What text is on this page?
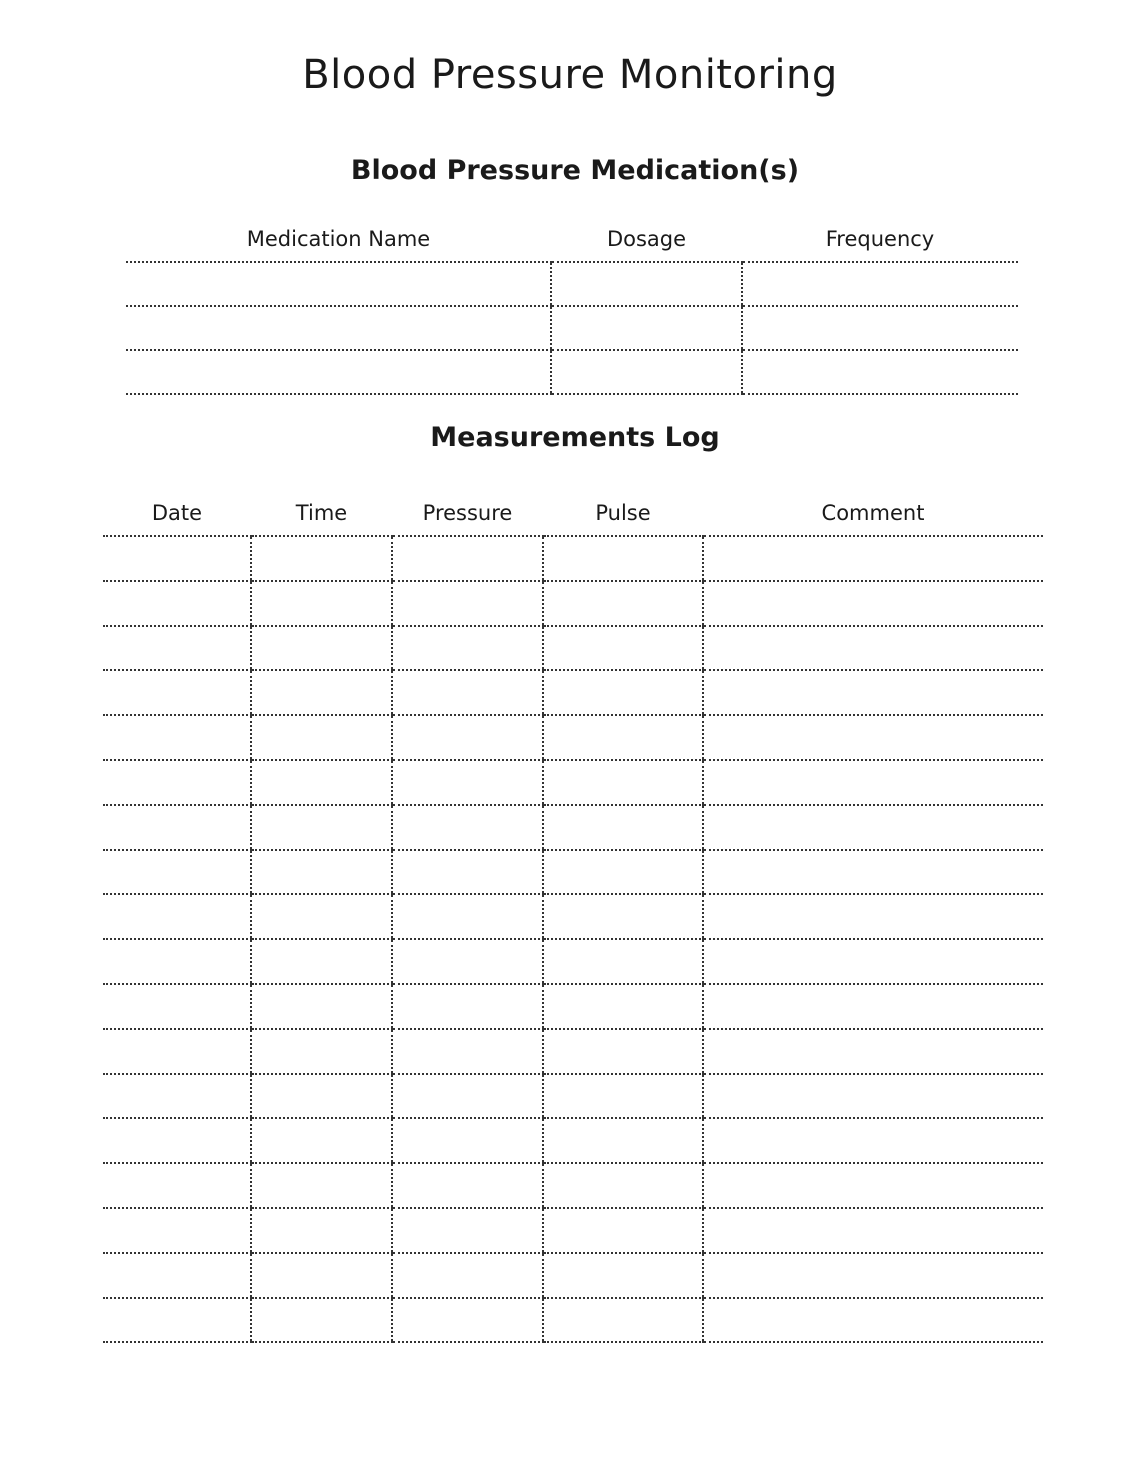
Blood Pressure Monitoring
Blood Pressure Medication(s)
Medication Name	Dosage	Frequency

Measurements Log
Date	Time	Pressure	Pulse	Comment
